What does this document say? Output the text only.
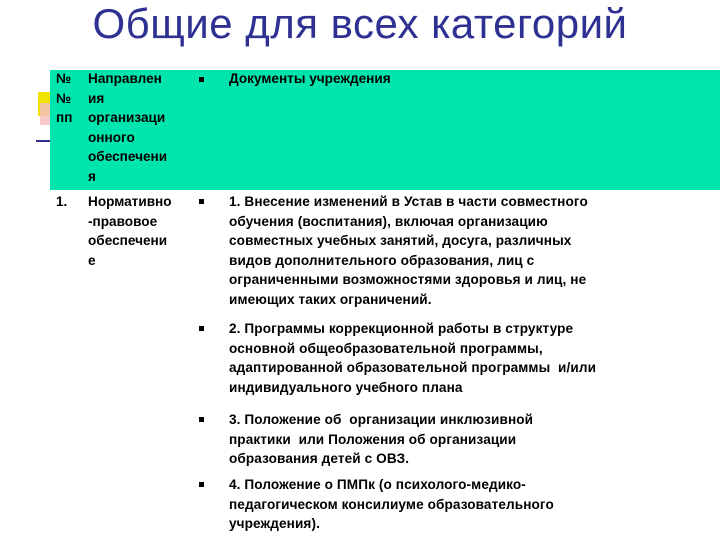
Общие для всех категорий
№
№
пп
Направлен
ия
организаци
онного
обеспечени
я
Документы учреждения
1. Нормативно
-правовое
обеспечени
е
1. Внесение изменений в Устав в части совместного
обучения (воспитания), включая организацию
совместных учебных занятий, досуга, различных
видов дополнительного образования, лиц с
ограниченными возможностями здоровья и лиц, не
имеющих таких ограничений.
2. Программы коррекционной работы в структуре
основной общеобразовательной программы,
адаптированной образовательной программы  и/или
индивидуального учебного плана
3. Положение об  организации инклюзивной
практики  или Положения об организации
образования детей с ОВЗ.
4. Положение о ПМПк (о психолого-медико-
педагогическом консилиуме образовательного
учреждения).
